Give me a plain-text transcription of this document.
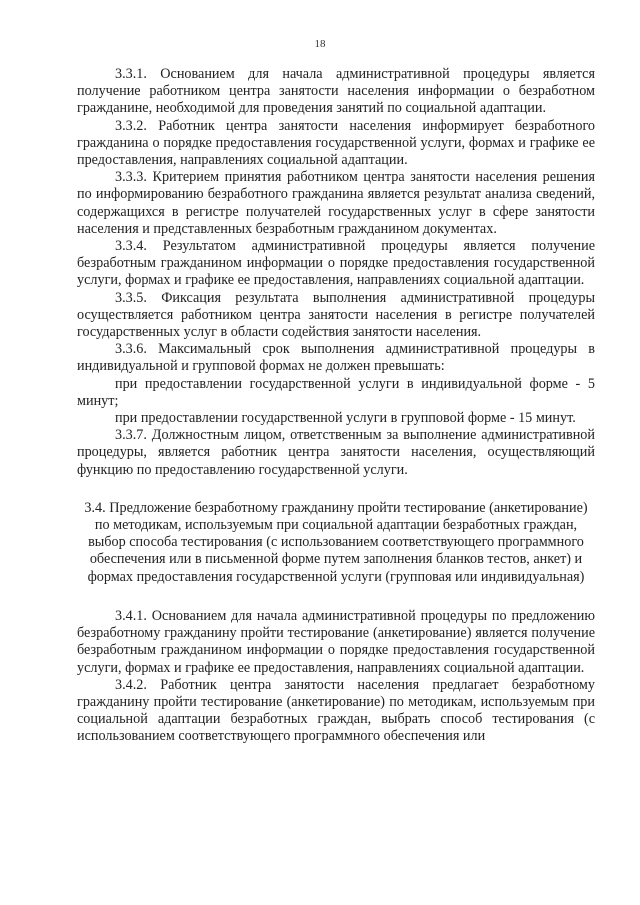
18

3.3.1. Основанием для начала административной процедуры является получение работником центра занятости населения информации о безработном гражданине, необходимой для проведения занятий по социальной адаптации.

3.3.2. Работник центра занятости населения информирует безработного гражданина о порядке предоставления государственной услуги, формах и графике ее предоставления, направлениях социальной адаптации.

3.3.3. Критерием принятия работником центра занятости населения решения по информированию безработного гражданина является результат анализа сведений, содержащихся в регистре получателей государственных услуг в сфере занятости населения и представленных безработным гражданином документах.

3.3.4. Результатом административной процедуры является получение безработным гражданином информации о порядке предоставления государственной услуги, формах и графике ее предоставления, направлениях социальной адаптации.

3.3.5. Фиксация результата выполнения административной процедуры осуществляется работником центра занятости населения в регистре получателей государственных услуг в области содействия занятости населения.

3.3.6. Максимальный срок выполнения административной процедуры в индивидуальной и групповой формах не должен превышать:

при предоставлении государственной услуги в индивидуальной форме - 5 минут;

при предоставлении государственной услуги в групповой форме - 15 минут.

3.3.7. Должностным лицом, ответственным за выполнение административной процедуры, является работник центра занятости населения, осуществляющий функцию по предоставлению государственной услуги.

3.4. Предложение безработному гражданину пройти тестирование (анкетирование) по методикам, используемым при социальной адаптации безработных граждан, выбор способа тестирования (с использованием соответствующего программного обеспечения или в письменной форме путем заполнения бланков тестов, анкет) и формах предоставления государственной услуги (групповая или индивидуальная)

3.4.1. Основанием для начала административной процедуры по предложению безработному гражданину пройти тестирование (анкетирование) является получение безработным гражданином информации о порядке предоставления государственной услуги, формах и графике ее предоставления, направлениях социальной адаптации.

3.4.2. Работник центра занятости населения предлагает безработному гражданину пройти тестирование (анкетирование) по методикам, используемым при социальной адаптации безработных граждан, выбрать способ тестирования (с использованием соответствующего программного обеспечения или
